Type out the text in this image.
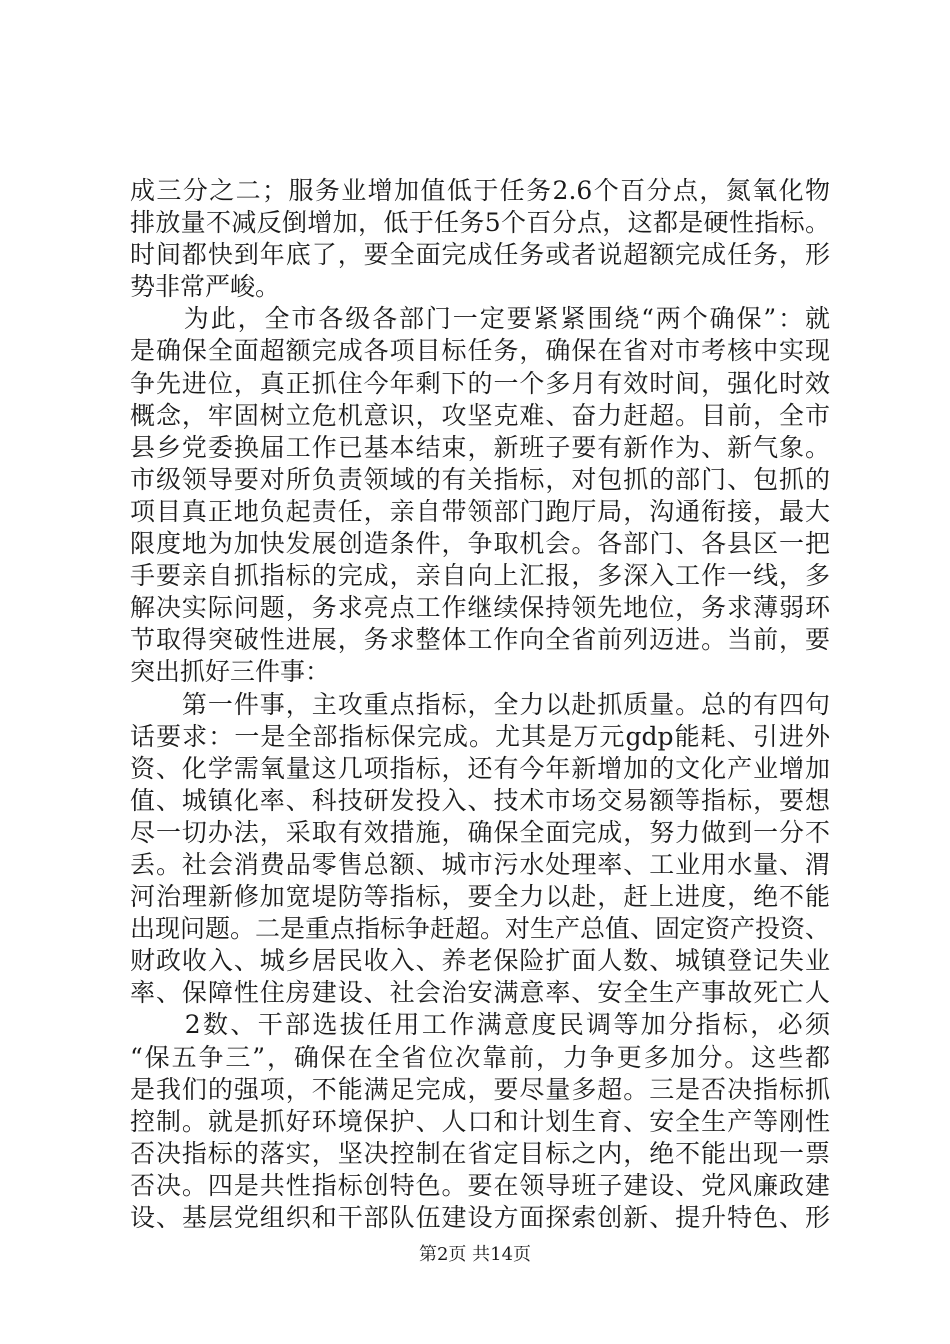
成三分之二；服务业增加值低于任务2.6个百分点，氮氧化物
排放量不减反倒增加，低于任务5个百分点，这都是硬性指标。
时间都快到年底了，要全面完成任务或者说超额完成任务，形
势非常严峻。
　　为此，全市各级各部门一定要紧紧围绕“两个确保”：就
是确保全面超额完成各项目标任务，确保在省对市考核中实现
争先进位，真正抓住今年剩下的一个多月有效时间，强化时效
概念，牢固树立危机意识，攻坚克难、奋力赶超。目前，全市
县乡党委换届工作已基本结束，新班子要有新作为、新气象。
市级领导要对所负责领域的有关指标，对包抓的部门、包抓的
项目真正地负起责任，亲自带领部门跑厅局，沟通衔接，最大
限度地为加快发展创造条件，争取机会。各部门、各县区一把
手要亲自抓指标的完成，亲自向上汇报，多深入工作一线，多
解决实际问题，务求亮点工作继续保持领先地位，务求薄弱环
节取得突破性进展，务求整体工作向全省前列迈进。当前，要
突出抓好三件事：
　　第一件事，主攻重点指标，全力以赴抓质量。总的有四句
话要求：一是全部指标保完成。尤其是万元gdp能耗、引进外
资、化学需氧量这几项指标，还有今年新增加的文化产业增加
值、城镇化率、科技研发投入、技术市场交易额等指标，要想
尽一切办法，采取有效措施，确保全面完成，努力做到一分不
丢。社会消费品零售总额、城市污水处理率、工业用水量、渭
河治理新修加宽堤防等指标，要全力以赴，赶上进度，绝不能
出现问题。二是重点指标争赶超。对生产总值、固定资产投资、
财政收入、城乡居民收入、养老保险扩面人数、城镇登记失业
率、保障性住房建设、社会治安满意率、安全生产事故死亡人
　　2数、干部选拔任用工作满意度民调等加分指标，必须
“保五争三”，确保在全省位次靠前，力争更多加分。这些都
是我们的强项，不能满足完成，要尽量多超。三是否决指标抓
控制。就是抓好环境保护、人口和计划生育、安全生产等刚性
否决指标的落实，坚决控制在省定目标之内，绝不能出现一票
否决。四是共性指标创特色。要在领导班子建设、党风廉政建
设、基层党组织和干部队伍建设方面探索创新、提升特色、形
第2页 共14页
